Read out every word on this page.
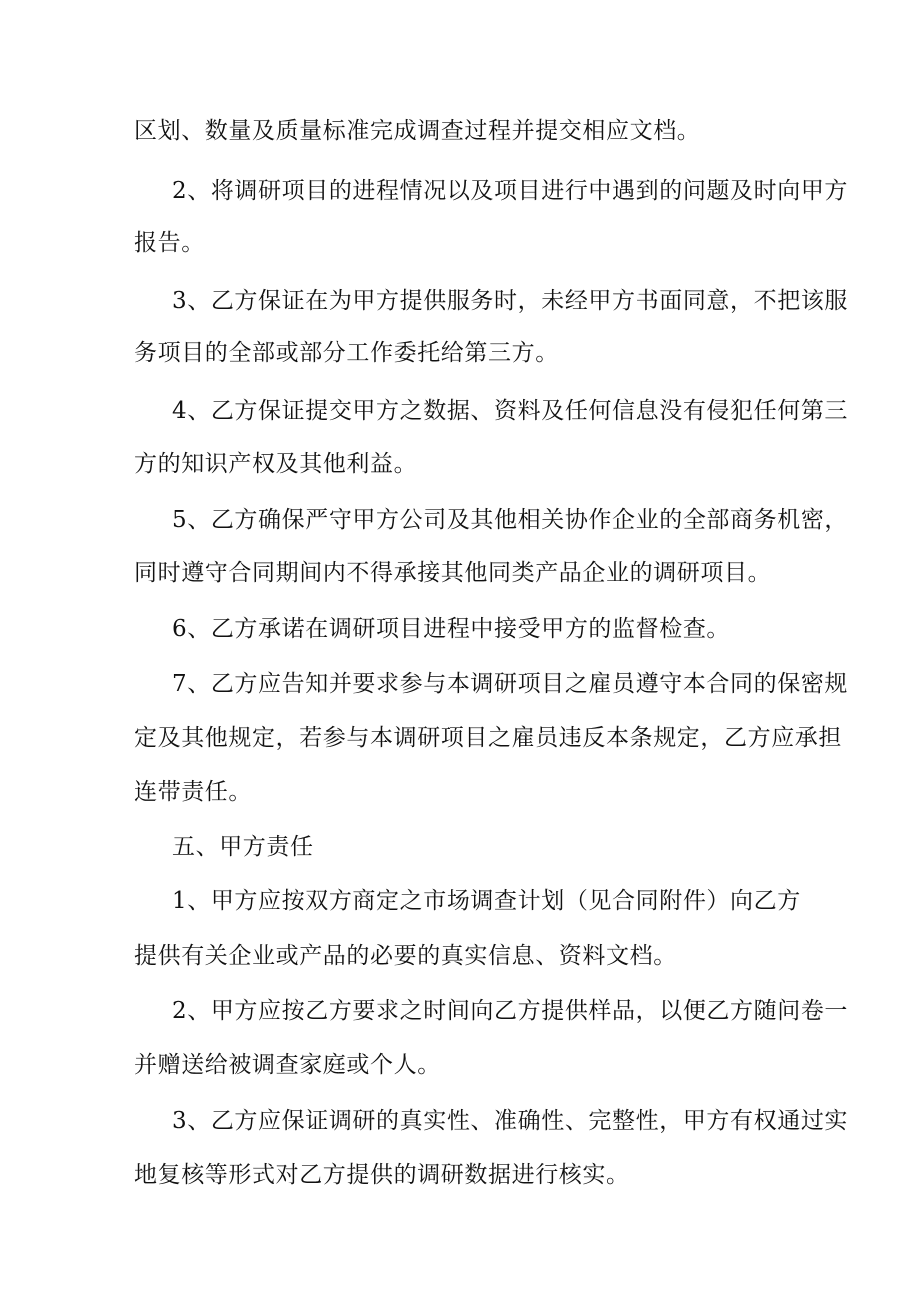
区划、数量及质量标准完成调查过程并提交相应文档。

2、将调研项目的进程情况以及项目进行中遇到的问题及时向甲方

报告。

3、乙方保证在为甲方提供服务时，未经甲方书面同意，不把该服

务项目的全部或部分工作委托给第三方。

4、乙方保证提交甲方之数据、资料及任何信息没有侵犯任何第三

方的知识产权及其他利益。

5、乙方确保严守甲方公司及其他相关协作企业的全部商务机密，

同时遵守合同期间内不得承接其他同类产品企业的调研项目。

6、乙方承诺在调研项目进程中接受甲方的监督检查。

7、乙方应告知并要求参与本调研项目之雇员遵守本合同的保密规

定及其他规定，若参与本调研项目之雇员违反本条规定，乙方应承担

连带责任。

五、甲方责任

1、甲方应按双方商定之市场调查计划（见合同附件）向乙方

提供有关企业或产品的必要的真实信息、资料文档。

2、甲方应按乙方要求之时间向乙方提供样品，以便乙方随问卷一

并赠送给被调查家庭或个人。

3、乙方应保证调研的真实性、准确性、完整性，甲方有权通过实

地复核等形式对乙方提供的调研数据进行核实。
